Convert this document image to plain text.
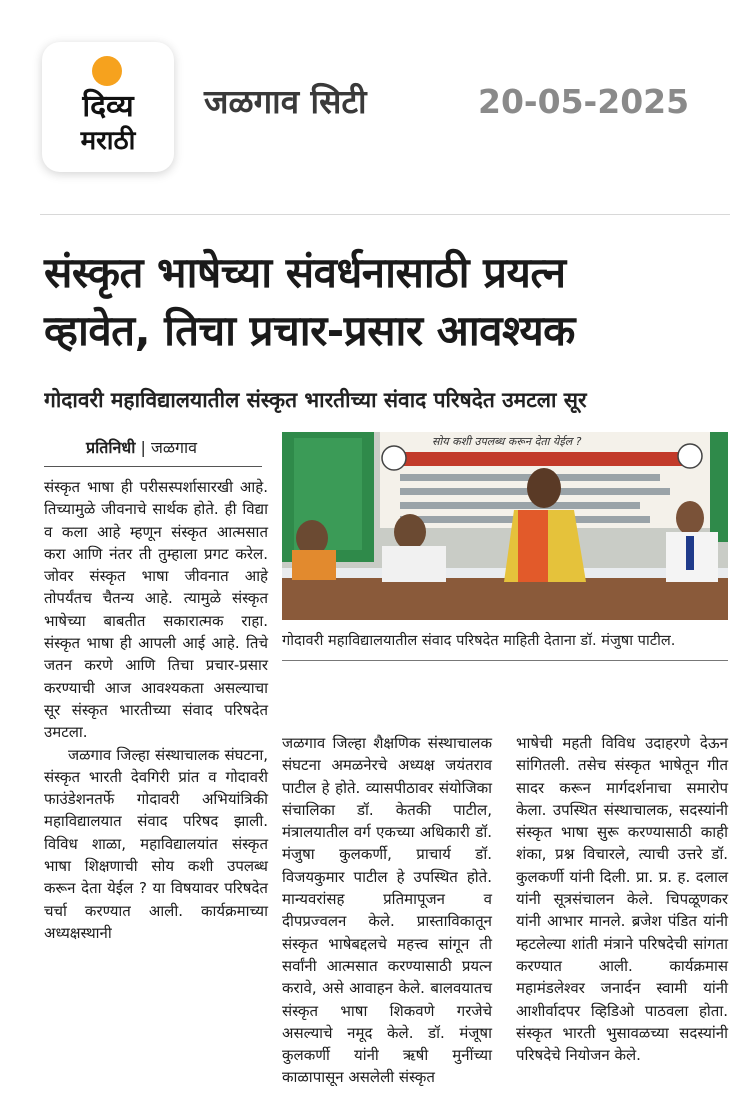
दिव्य
मराठी
जळगाव सिटी	20-05-2025
संस्कृत भाषेच्या संवर्धनासाठी प्रयत्न
व्हावेत, तिचा प्रचार-प्रसार आवश्यक
गोदावरी महाविद्यालयातील संस्कृत भारतीच्या संवाद परिषदेत उमटला सूर
प्रतिनिधी | जळगाव

संस्कृत भाषा ही परीसस्पर्शासारखी आहे. तिच्यामुळे जीवनाचे सार्थक होते. ही विद्या व कला आहे म्हणून संस्कृत आत्मसात करा आणि नंतर ती तुम्हाला प्रगट करेल. जोवर संस्कृत भाषा जीवनात आहे तोपर्यंतच चैतन्य आहे. त्यामुळे संस्कृत भाषेच्या बाबतीत सकारात्मक राहा. संस्कृत भाषा ही आपली आई आहे. तिचे जतन करणे आणि तिचा प्रचार-प्रसार करण्याची आज आवश्यकता असल्याचा सूर संस्कृत भारतीच्या संवाद परिषदेत उमटला.

जळगाव जिल्हा संस्थाचालक संघटना, संस्कृत भारती देवगिरी प्रांत व गोदावरी फाउंडेशनतर्फे गोदावरी अभियांत्रिकी महाविद्यालयात संवाद परिषद झाली. विविध शाळा, महाविद्यालयांत संस्कृत भाषा शिक्षणाची सोय कशी उपलब्ध करून देता येईल ? या विषयावर परिषदेत चर्चा करण्यात आली. कार्यक्रमाच्या अध्यक्षस्थानी

सोय कशी उपलब्ध करून देता येईल ?
गोदावरी महाविद्यालयातील संवाद परिषदेत माहिती देताना डॉ. मंजुषा पाटील.

जळगाव जिल्हा शैक्षणिक संस्थाचालक संघटना अमळनेरचे अध्यक्ष जयंतराव पाटील हे होते. व्यासपीठावर संयोजिका संचालिका डॉ. केतकी पाटील, मंत्रालयातील वर्ग एकच्या अधिकारी डॉ. मंजुषा कुलकर्णी, प्राचार्य डॉ. विजयकुमार पाटील हे उपस्थित होते. मान्यवरांसह प्रतिमापूजन व दीपप्रज्वलन केले. प्रास्ताविकातून संस्कृत भाषेबद्दलचे महत्त्व सांगून ती सर्वांनी आत्मसात करण्यासाठी प्रयत्न करावे, असे आवाहन केले. बालवयातच संस्कृत भाषा शिकवणे गरजेचे असल्याचे नमूद केले. डॉ. मंजूषा कुलकर्णी यांनी ऋषी मुनींच्या काळापासून असलेली संस्कृत

भाषेची महती विविध उदाहरणे देऊन सांगितली. तसेच संस्कृत भाषेतून गीत सादर करून मार्गदर्शनाचा समारोप केला. उपस्थित संस्थाचालक, सदस्यांनी संस्कृत भाषा सुरू करण्यासाठी काही शंका, प्रश्न विचारले, त्याची उत्तरे डॉ. कुलकर्णी यांनी दिली. प्रा. प्र. ह. दलाल यांनी सूत्रसंचालन केले. चिपळूणकर यांनी आभार मानले. ब्रजेश पंडित यांनी म्हटलेल्या शांती मंत्राने परिषदेची सांगता करण्यात आली. कार्यक्रमास महामंडलेश्वर जनार्दन स्वामी यांनी आशीर्वादपर व्हिडिओ पाठवला होता. संस्कृत भारती भुसावळच्या सदस्यांनी परिषदेचे नियोजन केले.
